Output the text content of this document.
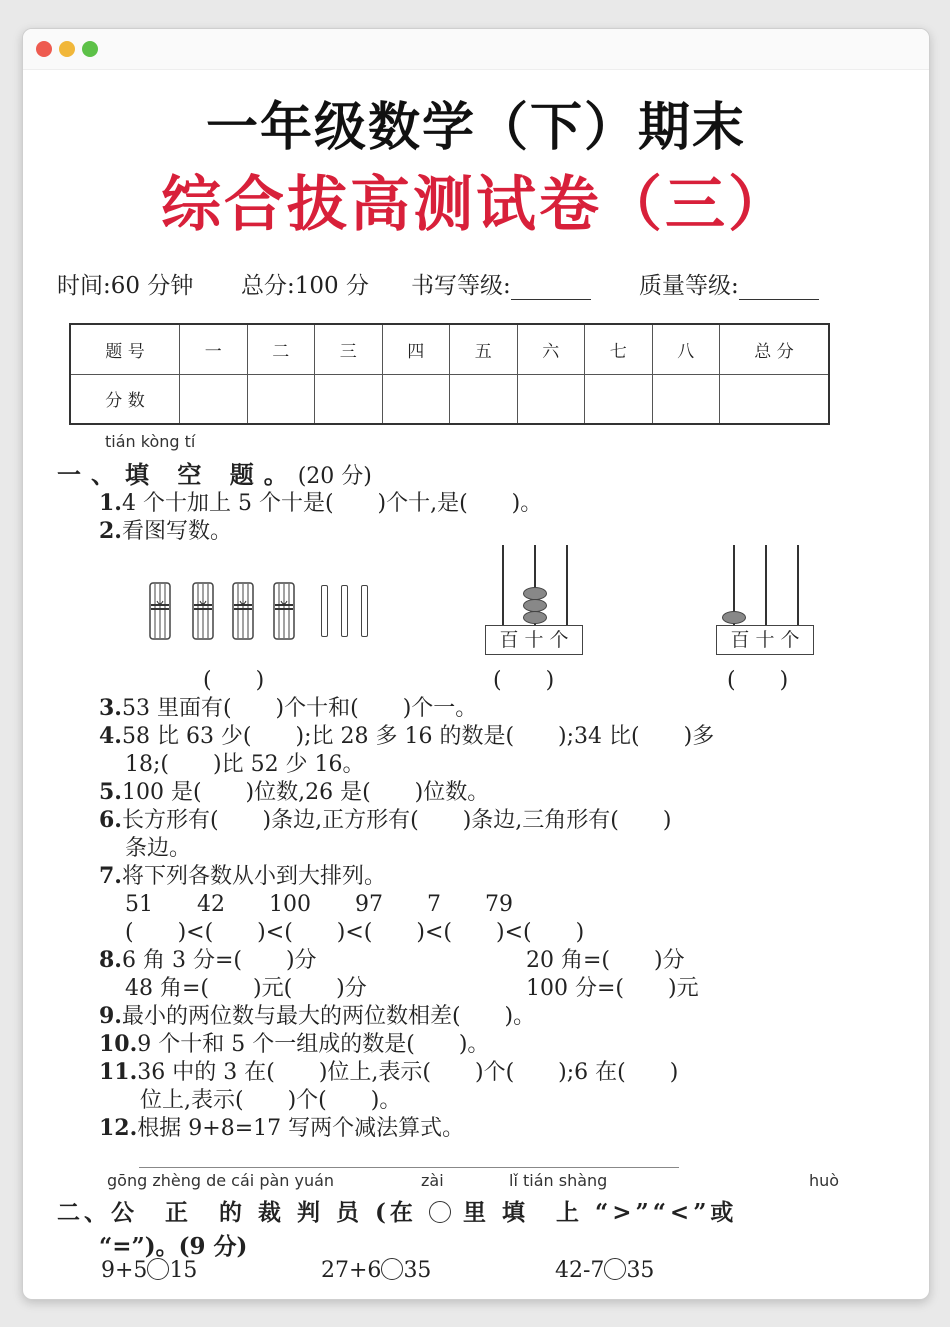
一年级数学（下）期末
综合拔高测试卷（三）
时间:60 分钟 总分:100 分 书写等级:	质量等级:
题 号	一	二	三	四	五	六	七	八	总 分
分 数									
tián kòng tí
一、填 空 题。(20 分)
1.4 个十加上 5 个十是(　　)个十,是(　　)。
2.看图写数。
百 十 个	百 十 个
(　　)	(　　)	(　　)
3.53 里面有(　　)个十和(　　)个一。
4.58 比 63 少(　　);比 28 多 16 的数是(　　);34 比(　　)多
18;(　　)比 52 少 16。
5.100 是(　　)位数,26 是(　　)位数。
6.长方形有(　　)条边,正方形有(　　)条边,三角形有(　　)
条边。
7.将下列各数从小到大排列。
51　　42　　100　　97　　7　　79
(　　)<(　　)<(　　)<(　　)<(　　)<(　　)
8.6 角 3 分=(　　)分	20 角=(　　)分
48 角=(　　)元(　　)分	100 分=(　　)元
9.最小的两位数与最大的两位数相差(　　)。
10.9 个十和 5 个一组成的数是(　　)。
11.36 中的 3 在(　　)位上,表示(　　)个(　　);6 在(　　)
位上,表示(　　)个(　　)。
12.根据 9+8=17 写两个减法算式。
gōng zhèng de cái pàn yuán	zài	lǐ tián shàng	huò
二、公　正　的 裁 判 员 (在 里 填　上 “>”“<”或
“=”)。(9 分)
9+5 15	27+6 35	42-7 35
